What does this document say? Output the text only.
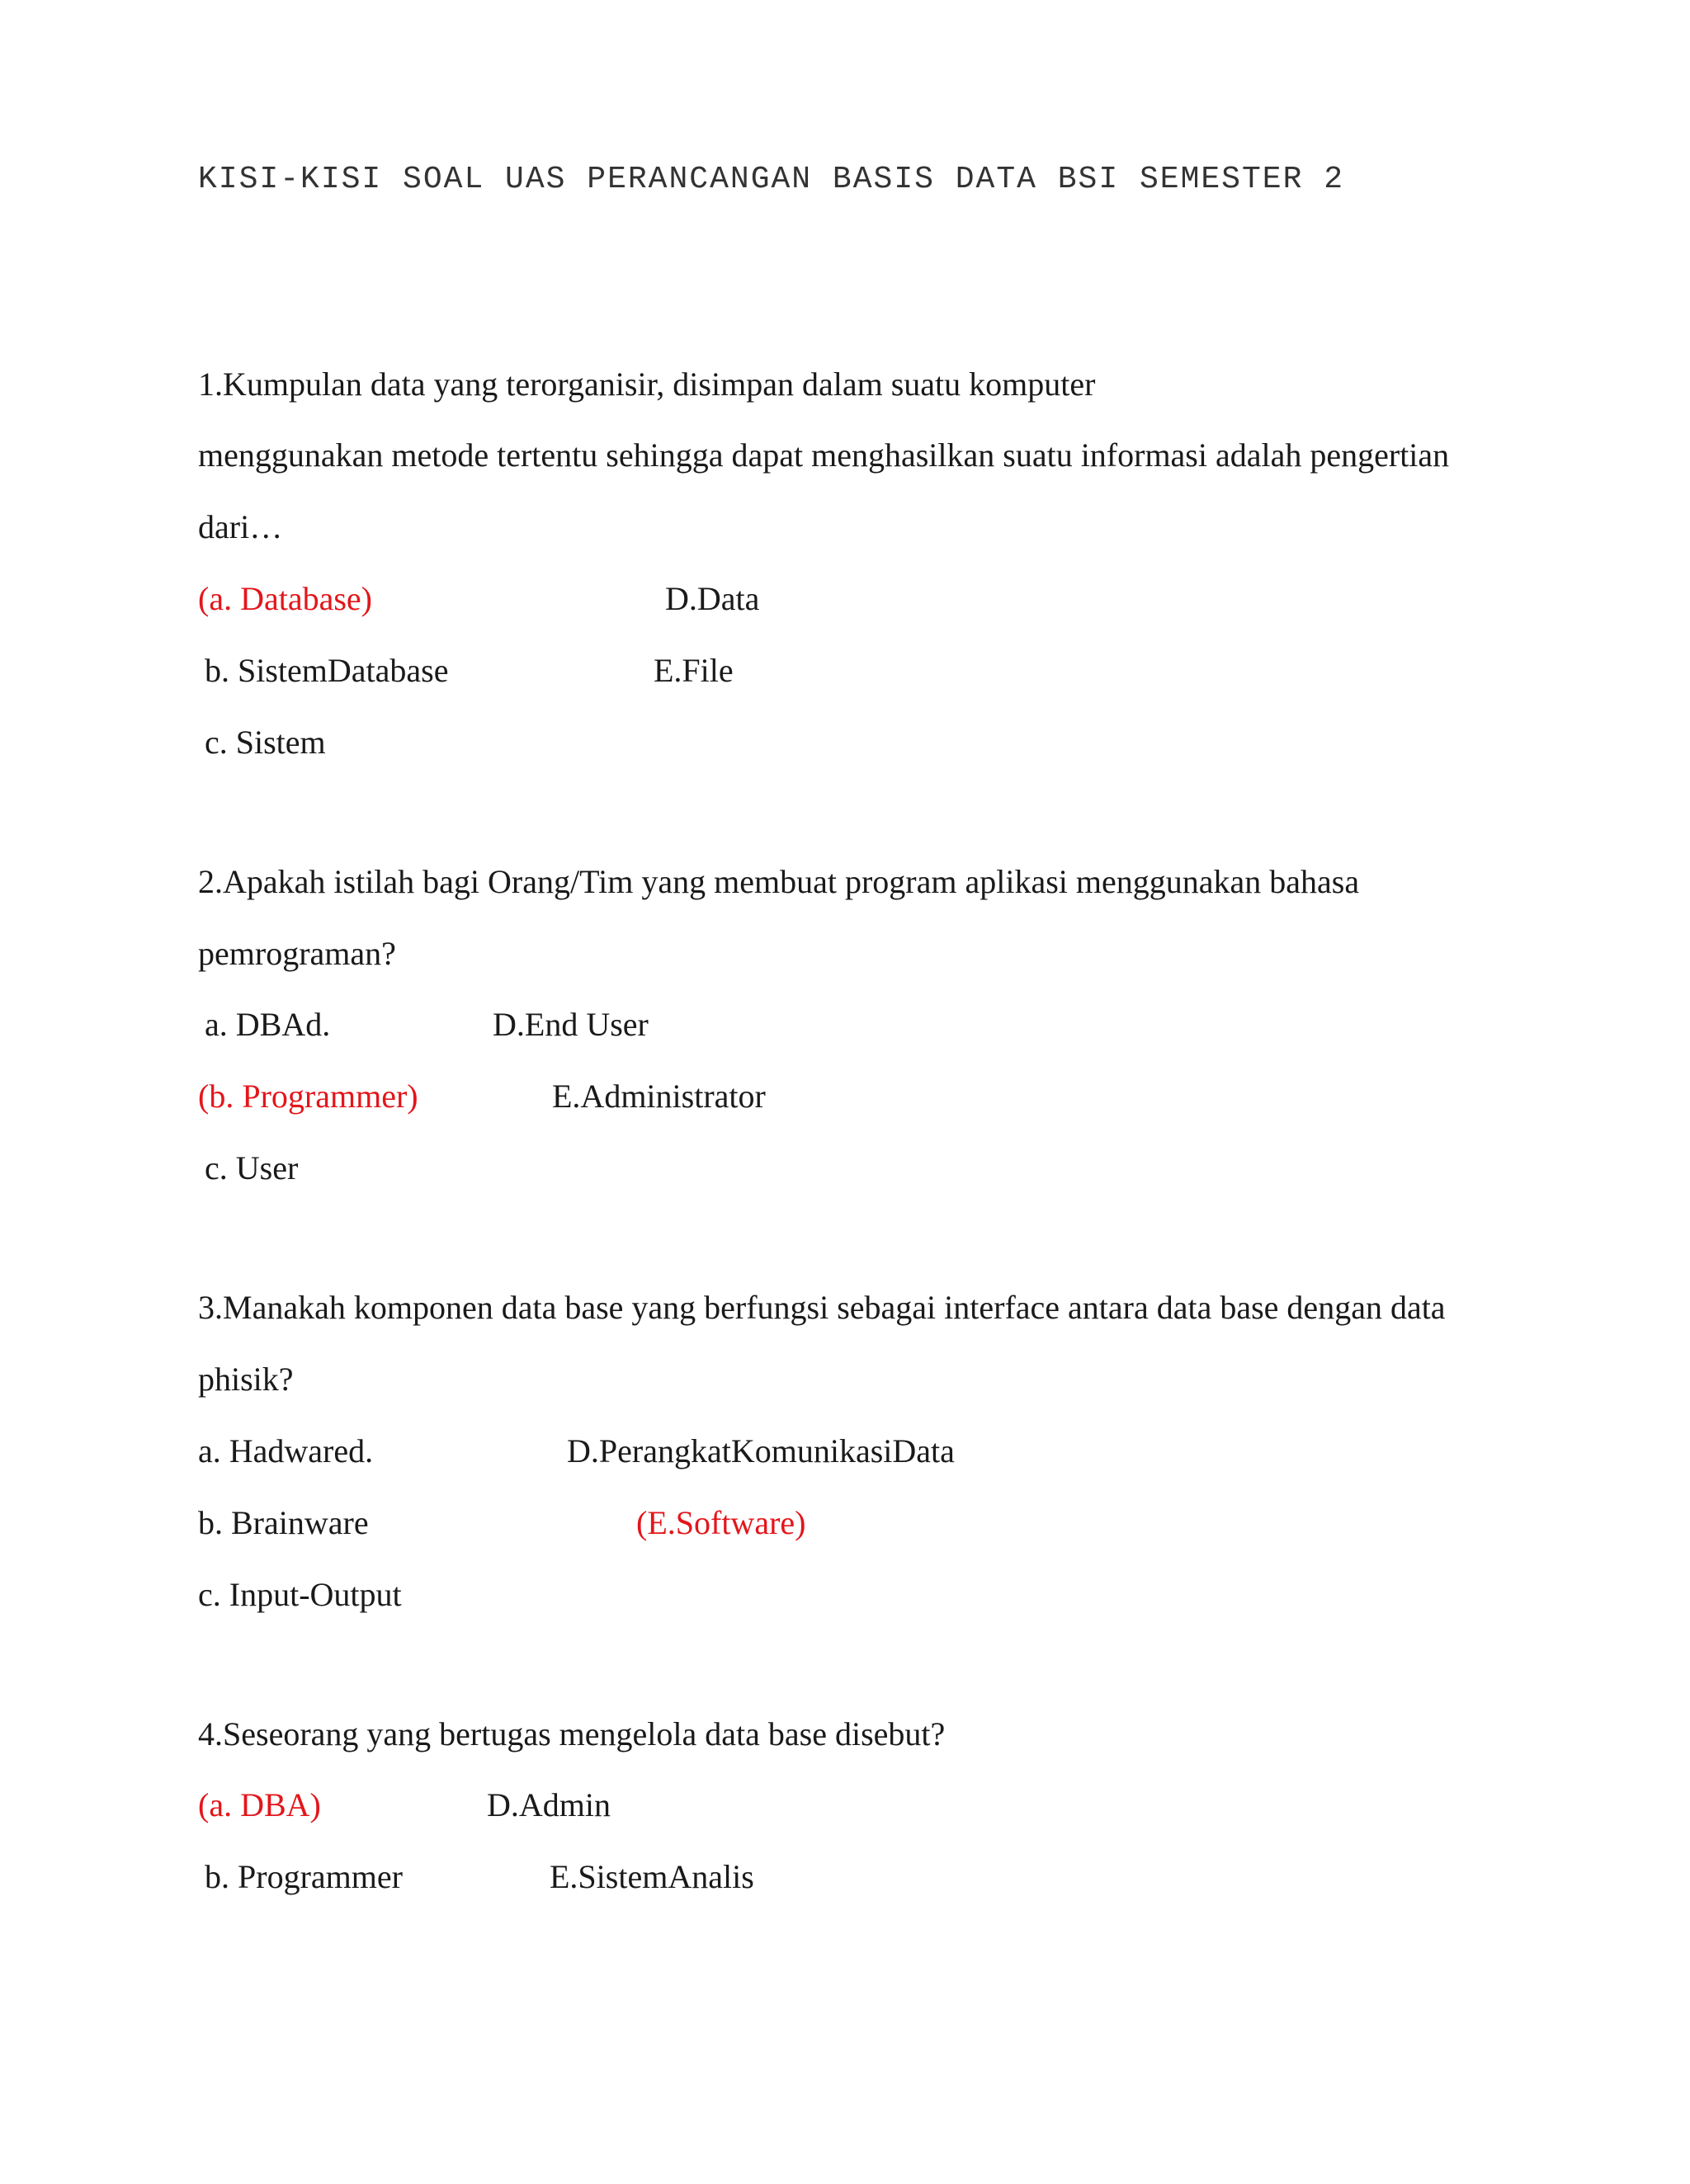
KISI-KISI SOAL UAS PERANCANGAN BASIS DATA BSI SEMESTER 2
1.Kumpulan data yang terorganisir, disimpan dalam suatu komputer
menggunakan metode tertentu sehingga dapat menghasilkan suatu informasi adalah pengertian
dari…
(a. Database)	D.Data
b. SistemDatabase	E.File
c. Sistem
2.Apakah istilah bagi Orang/Tim yang membuat program aplikasi menggunakan bahasa
pemrograman?
a. DBAd.	D.End User
(b. Programmer)	E.Administrator
c. User
3.Manakah komponen data base yang berfungsi sebagai interface antara data base dengan data
phisik?
a. Hadwared.	D.PerangkatKomunikasiData
b. Brainware	(E.Software)
c. Input-Output
4.Seseorang yang bertugas mengelola data base disebut?
(a. DBA)	D.Admin
b. Programmer	E.SistemAnalis
